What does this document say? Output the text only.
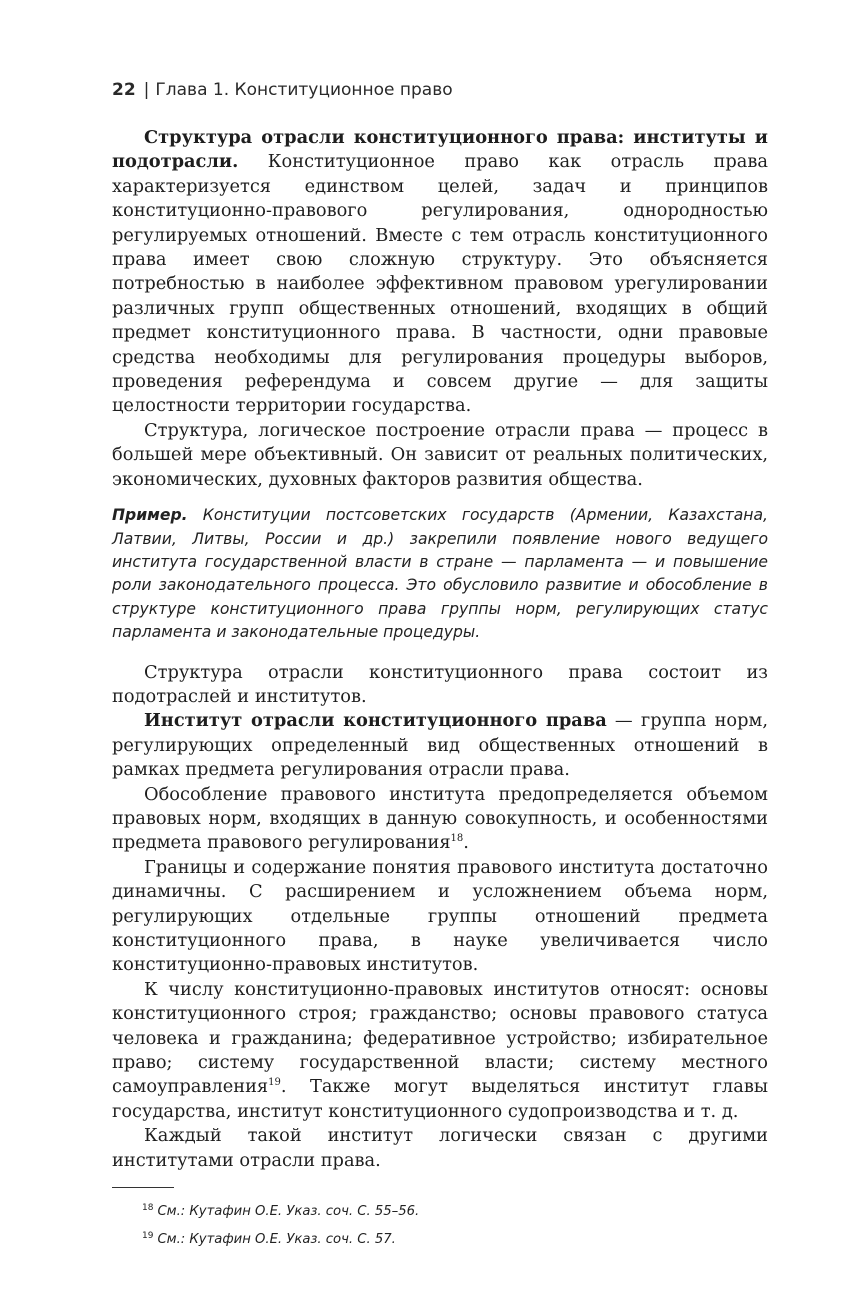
22 | Глава 1. Конституционное право

Структура отрасли конституционного права: институты и подотрасли. Конституционное право как отрасль права характеризуется единством целей, задач и принципов конституционно-правового регулирования, однородностью регулируемых отношений. Вместе с тем отрасль конституционного права имеет свою сложную структуру. Это объясняется потребностью в наиболее эффективном правовом урегулировании различных групп общественных отношений, входящих в общий предмет конституционного права. В частности, одни правовые средства необходимы для регулирования процедуры выборов, проведения референдума и совсем другие — для защиты целостности территории государства.

Структура, логическое построение отрасли права — процесс в большей мере объективный. Он зависит от реальных политических, экономических, духовных факторов развития общества.

Пример. Конституции постсоветских государств (Армении, Казахстана, Латвии, Литвы, России и др.) закрепили появление нового ведущего института государственной власти в стране — парламента — и повышение роли законодательного процесса. Это обусловило развитие и обособление в структуре конституционного права группы норм, регулирующих статус парламента и законодательные процедуры.

Структура отрасли конституционного права состоит из подотраслей и институтов.

Институт отрасли конституционного права — группа норм, регулирующих определенный вид общественных отношений в рамках предмета регулирования отрасли права.

Обособление правового института предопределяется объемом правовых норм, входящих в данную совокупность, и особенностями предмета правового регулирования$^{18}$.

Границы и содержание понятия правового института достаточно динамичны. С расширением и усложнением объема норм, регулирующих отдельные группы отношений предмета конституционного права, в науке увеличивается число конституционно-правовых институтов.

К числу конституционно-правовых институтов относят: основы конституционного строя; гражданство; основы правового статуса человека и гражданина; федеративное устройство; избирательное право; систему государственной власти; систему местного самоуправления$^{19}$. Также могут выделяться институт главы государства, институт конституционного судопроизводства и т. д.

Каждый такой институт логически связан с другими институтами отрасли права.

$^{18}$ См.: Кутафин О.Е. Указ. соч. С. 55–56.
$^{19}$ См.: Кутафин О.Е. Указ. соч. С. 57.
